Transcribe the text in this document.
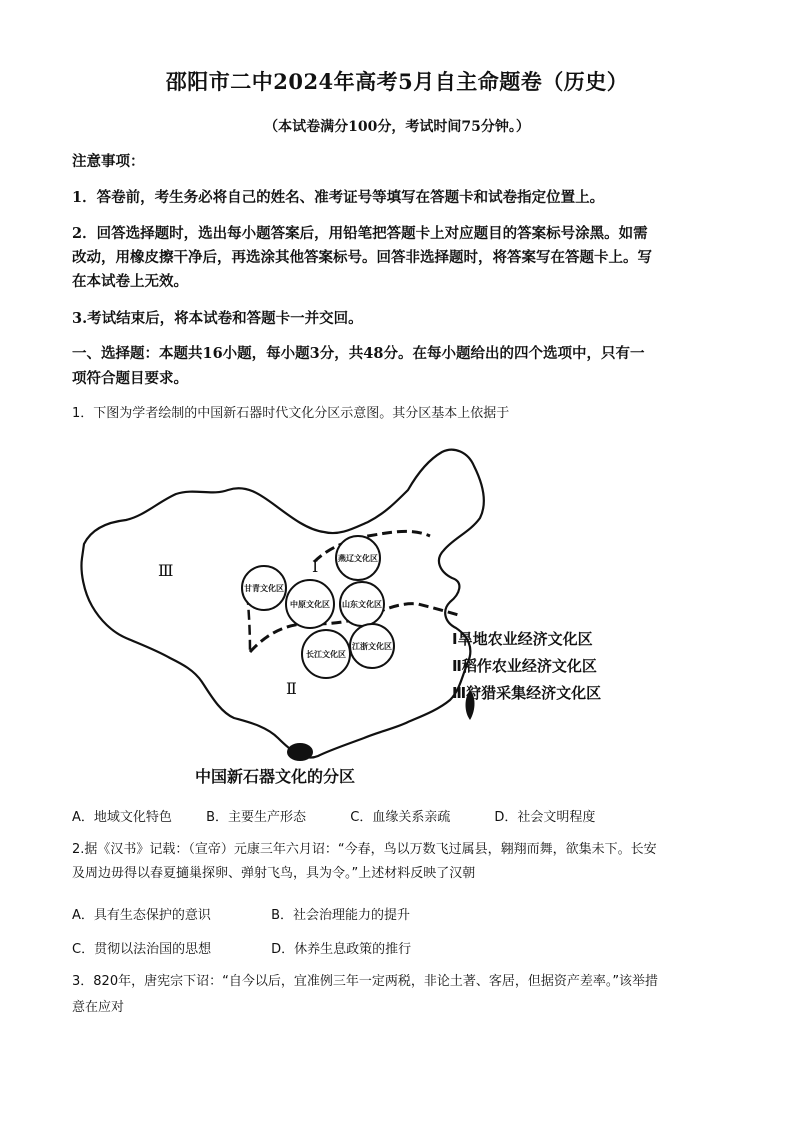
邵阳市二中2024年高考5月自主命题卷（历史）
（本试卷满分100分，考试时间75分钟。）
注意事项：
1．答卷前，考生务必将自己的姓名、准考证号等填写在答题卡和试卷指定位置上。
2．回答选择题时，选出每小题答案后，用铅笔把答题卡上对应题目的答案标号涂黑。如需
改动，用橡皮擦干净后，再选涂其他答案标号。回答非选择题时，将答案写在答题卡上。写
在本试卷上无效。
3.考试结束后，将本试卷和答题卡一并交回。
一、选择题：本题共16小题，每小题3分，共48分。在每小题给出的四个选项中，只有一
项符合题目要求。
1．下图为学者绘制的中国新石器时代文化分区示意图。其分区基本上依据于
燕辽文化区
甘青文化区
中原文化区 山东文化区
长江文化区
江浙文化区
Ⅲ	Ⅰ
Ⅱ
Ⅰ旱地农业经济文化区
Ⅱ稻作农业经济文化区
Ⅲ狩猎采集经济文化区
中国新石器文化的分区
A．地域文化特色	B．主要生产形态	C．血缘关系亲疏	D．社会文明程度
2.据《汉书》记载：（宣帝）元康三年六月诏：“今春，鸟以万数飞过属县，翱翔而舞，欲集未下。长安
及周边毋得以春夏擿巢探卵、弹射飞鸟，具为令。”上述材料反映了汉朝
A．具有生态保护的意识	B．社会治理能力的提升
C．贯彻以法治国的思想	D．休养生息政策的推行
3．820年，唐宪宗下诏：“自今以后，宜准例三年一定两税，非论土著、客居，但据资产差率。”该举措
意在应对
